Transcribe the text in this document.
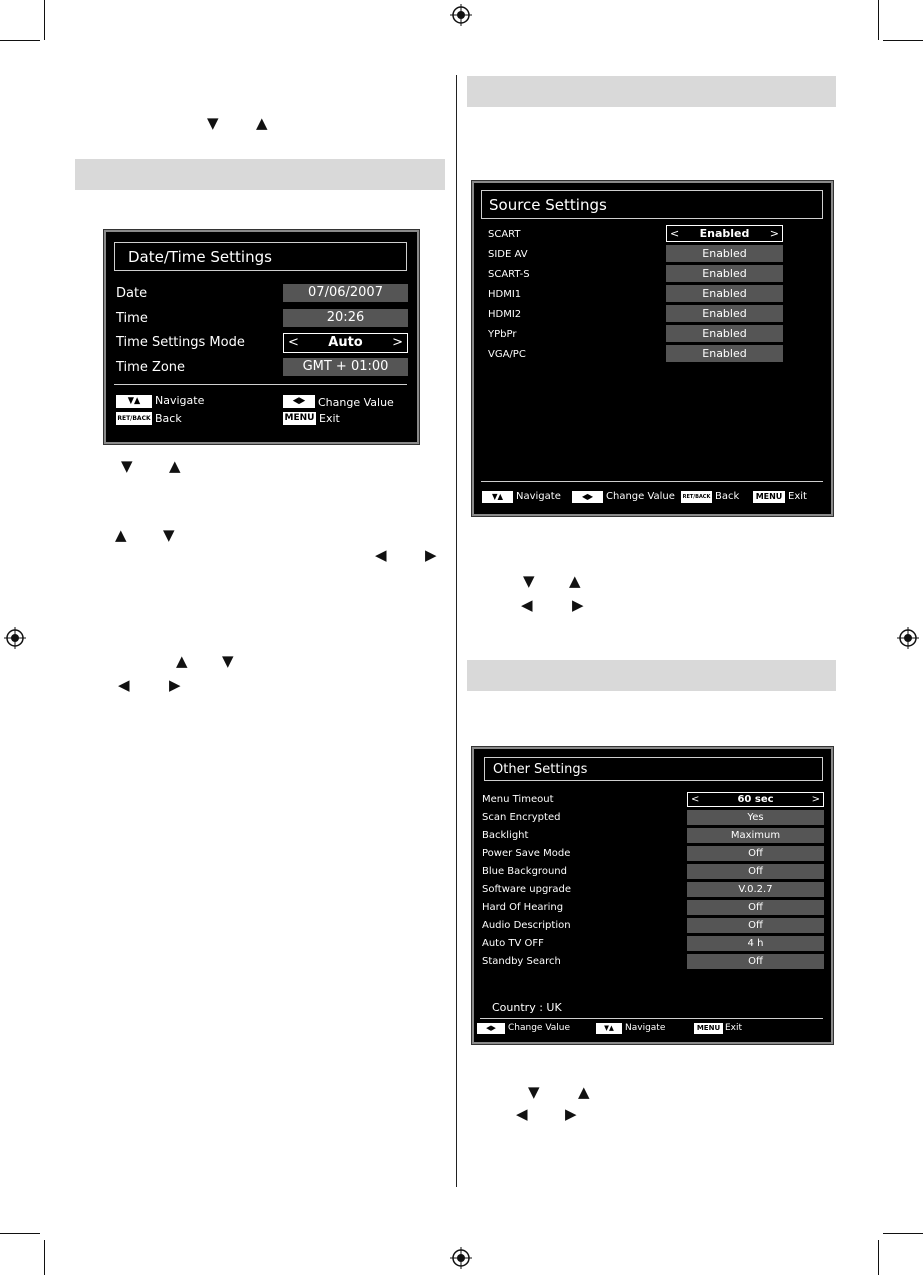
▼ ▲
▼ ▲
▲ ▼
◀	▶
▲ ▼
◀	▶
▼ ▲
◀	▶
▼	▲
◀ ▶
Date/Time Settings
Date	07/06/2007
Time	20:26
Time Settings Mode	< Auto >
Time Zone	GMT + 01:00
▼▲	Navigate
RET/BACK Back
◀▶	Change Value
MENU Exit
Source Settings
SCART	< Enabled >
SIDE AV	Enabled
SCART-S	Enabled
HDMI1	Enabled
HDMI2	Enabled
YPbPr	Enabled
VGA/PC	Enabled
▼▲	Navigate	◀▶	Change Value	RET/BACK Back	MENU Exit
Other Settings
Menu Timeout	<	60 sec	>
Scan Encrypted	Yes
Backlight	Maximum
Power Save Mode	Off
Blue Background	Off
Software upgrade	V.0.2.7
Hard Of Hearing	Off
Audio Description	Off
Auto TV OFF	4 h
Standby Search	Off
Country : UK
◀▶	Change Value	▼▲	Navigate	MENU Exit
